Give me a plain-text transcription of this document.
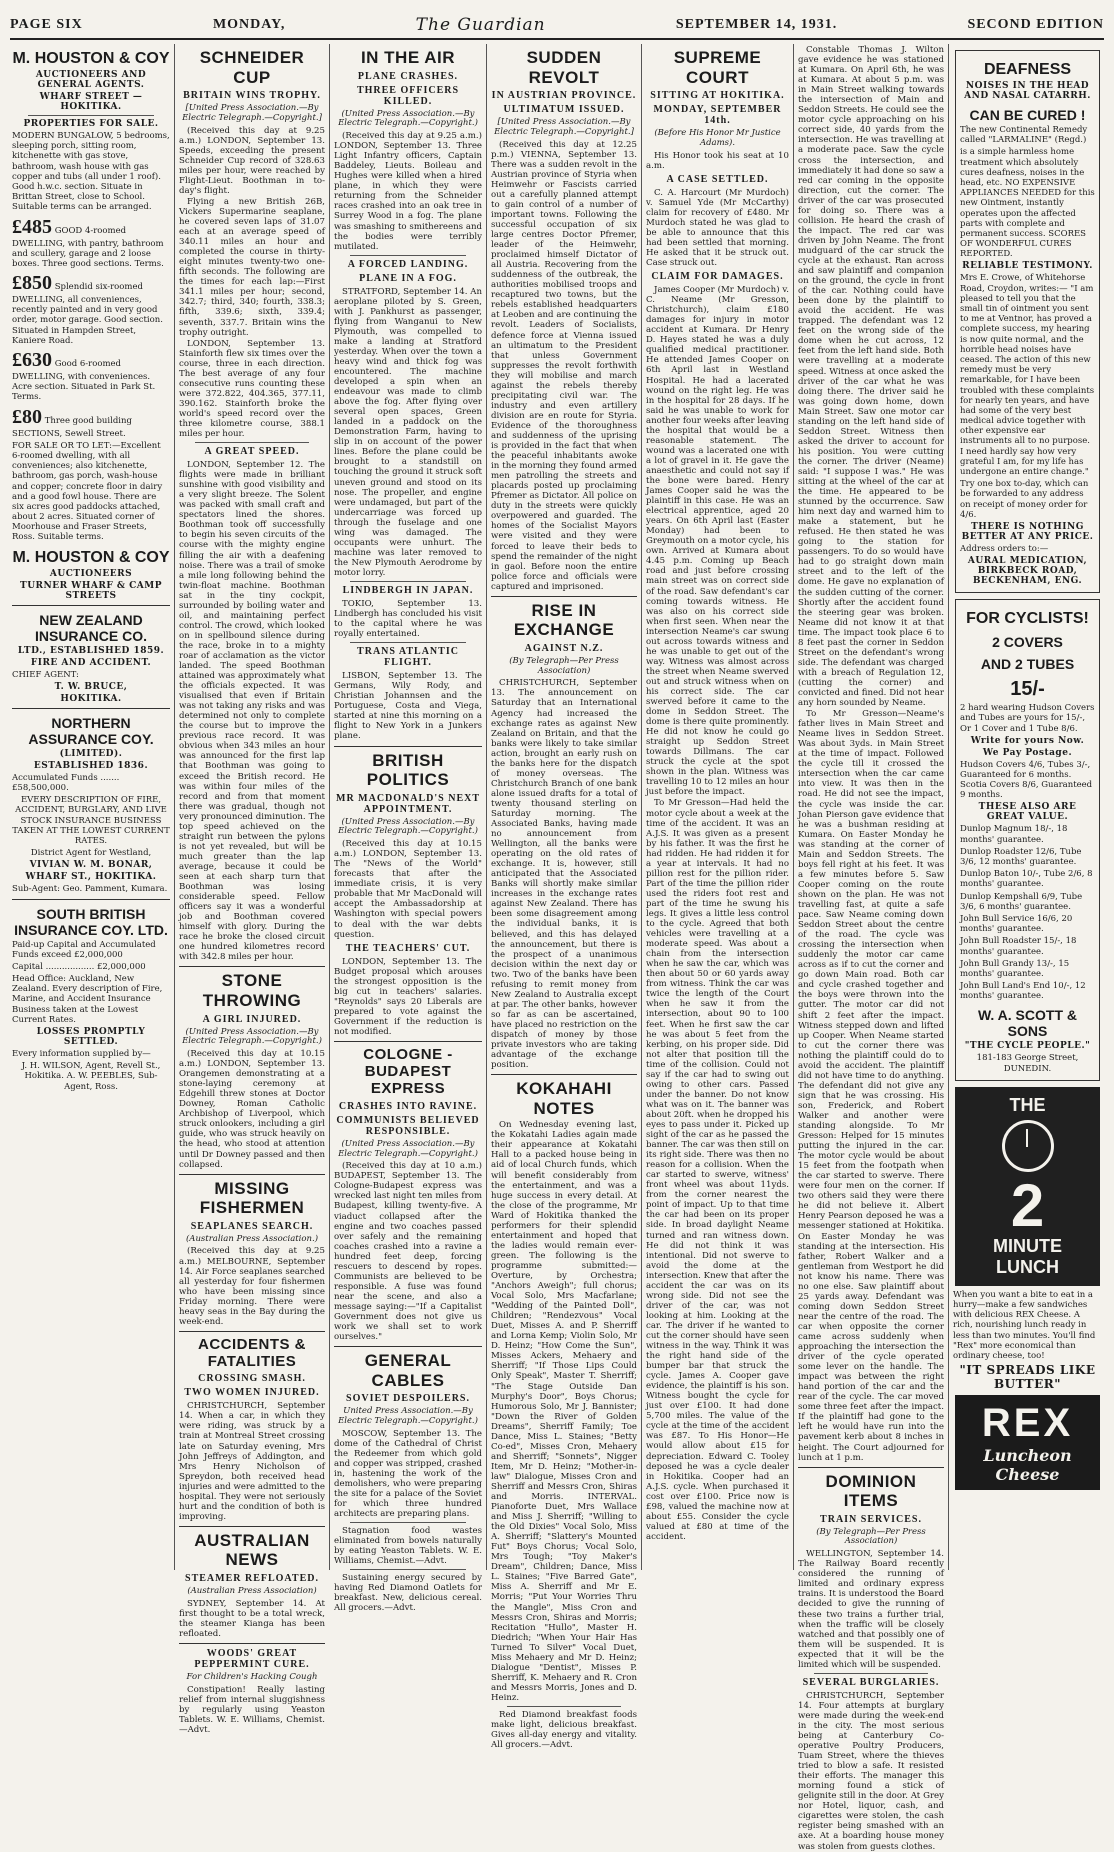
PAGE SIX	MONDAY,	The Guardian	SEPTEMBER 14, 1931.	SECOND EDITION
M. HOUSTON & COY
AUCTIONEERS AND GENERAL AGENTS.
WHARF STREET — HOKITIKA.
PROPERTIES FOR SALE.
MODERN BUNGALOW, 5 bedrooms, sleeping porch, sitting room, kitchenette with gas stove, bathroom, wash house with gas copper and tubs (all under 1 roof). Good h.w.c. section. Situate in Brittan Street, close to School. Suitable terms can be arranged.
£485 GOOD 4-roomed DWELLING, with pantry, bathroom and scullery, garage and 2 loose boxes. Three good sections. Terms.
£850 Splendid six-roomed DWELLING, all conveniences, recently painted and in very good order, motor garage. Good section. Situated in Hampden Street, Kaniere Road.
£630 Good 6-roomed DWELLING, with conveniences. Acre section. Situated in Park St. Terms.
£80 Three good building SECTIONS, Sewell Street.
FOR SALE OR TO LET:—Excellent 6-roomed dwelling, with all conveniences; also kitchenette, bathroom, gas porch, wash-house and copper; concrete floor in dairy and a good fowl house. There are six acres good paddocks attached, about 2 acres. Situated corner of Moorhouse and Fraser Streets, Ross. Suitable terms.
M. HOUSTON & COY
AUCTIONEERS
TURNER WHARF & CAMP STREETS
NEW ZEALAND INSURANCE CO.
LTD., ESTABLISHED 1859.
FIRE AND ACCIDENT.
CHIEF AGENT:
T. W. BRUCE,
HOKITIKA.
NORTHERN ASSURANCE COY.
(LIMITED).
ESTABLISHED 1836.
Accumulated Funds ....... £58,500,000.
EVERY DESCRIPTION OF FIRE, ACCIDENT, BURGLARY, AND LIVE STOCK INSURANCE BUSINESS TAKEN AT THE LOWEST CURRENT RATES.
District Agent for Westland,
VIVIAN W. M. BONAR,
WHARF ST., HOKITIKA.
Sub-Agent: Geo. Pamment, Kumara.
SOUTH BRITISH INSURANCE COY. LTD.
Paid-up Capital and Accumulated Funds exceed £2,000,000
Capital .................. £2,000,000
Head Office: Auckland, New Zealand. Every description of Fire, Marine, and Accident Insurance Business taken at the Lowest Current Rates.
LOSSES PROMPTLY SETTLED.
Every information supplied by—
J. H. WILSON, Agent, Revell St., Hokitika. A. W. PEEBLES, Sub-Agent, Ross.
SCHNEIDER CUP
BRITAIN WINS TROPHY.
[United Press Association.—By Electric Telegraph.—Copyright.]

(Received this day at 9.25 a.m.) LONDON, September 13. Speeds, exceeding the present Schneider Cup record of 328.63 miles per hour, were reached by Flight-Lieut. Boothman in to-day's flight.

Flying a new British 26B, Vickers Supermarine seaplane, he covered seven laps of 31.07 each at an average speed of 340.11 miles an hour and completed the course in thirty-eight minutes twenty-two one-fifth seconds. The following are the times for each lap:—First 341.1 miles per hour; second, 342.7; third, 340; fourth, 338.3; fifth, 339.6; sixth, 339.4; seventh, 337.7. Britain wins the trophy outright.

LONDON, September 13. Stainforth flew six times over the course, three in each direction. The best average of any four consecutive runs counting these were 372.822, 404.365, 377.11, 390.162. Stainforth broke the world's speed record over the three kilometre course, 388.1 miles per hour.

A GREAT SPEED.

LONDON, September 12. The flights were made in brilliant sunshine with good visibility and a very slight breeze. The Solent was packed with small craft and spectators lined the shores. Boothman took off successfully to begin his seven circuits of the course with the mighty engine filling the air with a deafening noise. There was a trail of smoke a mile long following behind the twin-float machine. Boothman sat in the tiny cockpit, surrounded by boiling water and oil, and maintaining perfect control. The crowd, which looked on in spellbound silence during the race, broke in to a mighty roar of acclamation as the victor landed. The speed Boothman attained was approximately what the officials expected. It was visualised that even if Britain was not taking any risks and was determined not only to complete the course but to improve the previous race record. It was obvious when 343 miles an hour was announced for the first lap that Boothman was going to exceed the British record. He was within four miles of the record and from that moment there was gradual, though not very pronounced diminution. The top speed achieved on the straight run between the pylons is not yet revealed, but will be much greater than the lap average, because it could be seen at each sharp turn that Boothman was losing considerable speed. Fellow officers say it was a wonderful job and Boothman covered himself with glory. During the race he broke the closed circuit one hundred kilometres record with 342.8 miles per hour.

STONE THROWING
A GIRL INJURED.
(United Press Association.—By Electric Telegraph.—Copyright.)

(Received this day at 10.15 a.m.) LONDON, September 13. Orangemen demonstrating at a stone-laying ceremony at Edgehill threw stones at Doctor Downey, Roman Catholic Archbishop of Liverpool, which struck onlookers, including a girl guide, who was struck heavily on the head, who stood at attention until Dr Downey passed and then collapsed.

MISSING FISHERMEN
SEAPLANES SEARCH.
(Australian Press Association.)

(Received this day at 9.25 a.m.) MELBOURNE, September 14. Air Force seaplanes searched all yesterday for four fishermen who have been missing since Friday morning. There were heavy seas in the Bay during the week-end.

ACCIDENTS & FATALITIES
CROSSING SMASH.
TWO WOMEN INJURED.

CHRISTCHURCH, September 14. When a car, in which they were riding, was struck by a train at Montreal Street crossing late on Saturday evening, Mrs John Jeffreys of Addington, and Mrs Henry Nicholson of Spreydon, both received head injuries and were admitted to the hospital. They were not seriously hurt and the condition of both is improving.

AUSTRALIAN NEWS
STEAMER REFLOATED.
(Australian Press Association)

SYDNEY, September 14. At first thought to be a total wreck, the steamer Kianga has been refloated.

WOODS' GREAT PEPPERMINT CURE.
For Children's Hacking Cough

Constipation! Really lasting relief from internal sluggishness by regularly using Yeaston Tablets. W. E. Williams, Chemist.—Advt.

IN THE AIR
PLANE CRASHES.
THREE OFFICERS KILLED.
(United Press Association.—By Electric Telegraph.—Copyright.)

(Received this day at 9.25 a.m.) LONDON, September 13. Three Light Infantry officers, Captain Baddeley, Lieuts. Boileau and Hughes were killed when a hired plane, in which they were returning from the Schneider races crashed into an oak tree in Surrey Wood in a fog. The plane was smashing to smithereens and the bodies were terribly mutilated.

A FORCED LANDING.
PLANE IN A FOG.

STRATFORD, September 14. An aeroplane piloted by S. Green, with J. Pankhurst as passenger, flying from Wanganui to New Plymouth, was compelled to make a landing at Stratford yesterday. When over the town a heavy wind and thick fog was encountered. The machine developed a spin when an endeavour was made to climb above the fog. After flying over several open spaces, Green landed in a paddock on the Demonstration Farm, having to slip in on account of the power lines. Before the plane could be brought to a standstill on touching the ground it struck soft uneven ground and stood on its nose. The propeller, and engine were undamaged, but part of the undercarriage was forced up through the fuselage and one wing was damaged. The occupants were unhurt. The machine was later removed to the New Plymouth Aerodrome by motor lorry.

LINDBERGH IN JAPAN.

TOKIO, September 13. Lindbergh has concluded his visit to the capital where he was royally entertained.

TRANS ATLANTIC FLIGHT.

LISBON, September 13. The Germans, Wily Rody, and Christian Johannsen and the Portuguese, Costa and Viega, started at nine this morning on a flight to New York in a Junkers plane.

BRITISH POLITICS
MR MACDONALD'S NEXT APPOINTMENT.
(United Press Association.—By Electric Telegraph.—Copyright.)

(Received this day at 10.15 a.m.) LONDON, September 13. The "News of the World" forecasts that after the immediate crisis, it is very probable that Mr MacDonald will accept the Ambassadorship at Washington with special powers to deal with the war debts question.

THE TEACHERS' CUT.

LONDON, September 13. The Budget proposal which arouses the strongest opposition is the big cut in teachers' salaries. "Reynolds" says 20 Liberals are prepared to vote against the Government if the reduction is not modified.

COLOGNE - BUDAPEST EXPRESS
CRASHES INTO RAVINE.
COMMUNISTS BELIEVED RESPONSIBLE.
(United Press Association.—By Electric Telegraph.—Copyright.)

(Received this day at 10 a.m.) BUDAPEST, September 13. The Cologne-Budapest express was wrecked last night ten miles from Budapest, killing twenty-five. A viaduct collapsed after the engine and two coaches passed over safely and the remaining coaches crashed into a ravine a hundred feet deep, forcing rescuers to descend by ropes. Communists are believed to be responsible. A fuse was found near the scene, and also a message saying:—"If a Capitalist Government does not give us work we shall set to work ourselves."

GENERAL CABLES
SOVIET DESPOILERS.
United Press Association.—By Electric Telegraph.—Copyright.)

MOSCOW, September 13. The dome of the Cathedral of Christ the Redeemer from which gold and copper was stripped, crashed in, hastening the work of the demolishers, who were preparing the site for a palace of the Soviet for which three hundred architects are preparing plans.

Stagnation food wastes eliminated from bowels naturally by eating Yeaston Tablets. W. E. Williams, Chemist.—Advt.

Sustaining energy secured by having Red Diamond Oatlets for breakfast. New, delicious cereal. All grocers.—Advt.

SUDDEN REVOLT
IN AUSTRIAN PROVINCE.
ULTIMATUM ISSUED.
[United Press Association.—By Electric Telegraph.—Copyright.]

(Received this day at 12.25 p.m.) VIENNA, September 13. There was a sudden revolt in the Austrian province of Styria when Heimwehr or Fascists carried out a carefully planned attempt to gain control of a number of important towns. Following the successful occupation of six large centres Doctor Pfremer, leader of the Heimwehr, proclaimed himself Dictator of all Austria. Recovering from the suddenness of the outbreak, the authorities mobilised troops and recaptured two towns, but the rebels established headquarters at Leoben and are continuing the revolt. Leaders of Socialists, defence force at Vienna issued an ultimatum to the President that unless Government suppresses the revolt forthwith they will mobilise and march against the rebels thereby precipitating civil war. The industry and even artillery division are en route for Styria. Evidence of the thoroughness and suddenness of the uprising is provided in the fact that when the peaceful inhabitants awoke in the morning they found armed men patrolling the streets and placards posted up proclaiming Pfremer as Dictator. All police on duty in the streets were quickly overpowered and guarded. The homes of the Socialist Mayors were visited and they were forced to leave their beds to spend the remainder of the night in gaol. Before noon the entire police force and officials were captured and imprisoned.

RISE IN EXCHANGE
AGAINST N.Z.
(By Telegraph—Per Press Association)

CHRISTCHURCH, September 13. The announcement on Saturday that an International Agency had increased the exchange rates as against New Zealand on Britain, and that the banks were likely to take similar action, brought an early rush on the banks here for the dispatch of money overseas. The Christchurch Branch of one bank alone issued drafts for a total of twenty thousand sterling on Saturday morning. The Associated Banks, having made no announcement from Wellington, all the banks were operating on the old rates of exchange. It is, however, still anticipated that the Associated Banks will shortly make similar increases in the exchange rates against New Zealand. There has been some disagreement among the individual banks, it is believed, and this has delayed the announcement, but there is the prospect of a unanimous decision within the next day or two. Two of the banks have been refusing to remit money from New Zealand to Australia except at par. The other banks, however so far as can be ascertained, have placed no restriction on the dispatch of money by those private investors who are taking advantage of the exchange position.

KOKAHAHI NOTES

On Wednesday evening last, the Kokatahi Ladies again made their appearance at Kokatahi Hall to a packed house being in aid of local Church funds, which will benefit considerably from the entertainment, and was a huge success in every detail. At the close of the programme, Mr Ward of Hokitika thanked the performers for their splendid entertainment and hoped that the ladies would remain ever-green. The following is the programme submitted:— Overture, by Orchestra; "Anchors Aweigh"; full chorus; Vocal Solo, Mrs Macfarlane; "Wedding of the Painted Doll", Children; "Rendezvous" Vocal Duet, Misses A. and P. Sherriff and Lorna Kemp; Violin Solo, Mr D. Heinz; "How Come the Sun", Misses Ackers, Mehaery and Sherriff; "If Those Lips Could Only Speak", Master T. Sherriff; "The Stage Outside Dan Murphy's Door", Boys Chorus; Humorous Solo, Mr J. Bannister; "Down the River of Golden Dreams", Sherriff Family; Toe Dance, Miss L. Staines; "Betty Co-ed", Misses Cron, Mehaery and Sherriff; "Sonnets", Nigger Item, Mr D. Heinz; "Mother-in-law" Dialogue, Misses Cron and Sherriff and Messrs Cron, Shiras and Morris. INTERVAL. Pianoforte Duet, Mrs Wallace and Miss J. Sherriff; "Willing to the Old Dixies" Vocal Solo, Miss A. Sherriff; "Slattery's Mounted Fut" Boys Chorus; Vocal Solo, Mrs Tough; "Toy Maker's Dream", Children; Dance, Miss L. Staines; "Five Barred Gate", Miss A. Sherriff and Mr E. Morris; "Put Your Worries Thru the Mangle", Miss Cron and Messrs Cron, Shiras and Morris; Recitation "Hullo", Master H. Diedrich; "When Your Hair Has Turned To Silver" Vocal Duet, Miss Mehaery and Mr D. Heinz; Dialogue "Dentist", Misses P. Sherriff, K. Mehaery and R. Cron and Messrs Morris, Jones and D. Heinz.

Red Diamond breakfast foods make light, delicious breakfast. Gives all-day energy and vitality. All grocers.—Advt.

SUPREME COURT
SITTING AT HOKITIKA.
MONDAY, SEPTEMBER 14th.
(Before His Honor Mr Justice Adams).

His Honor took his seat at 10 a.m.

A CASE SETTLED.

C. A. Harcourt (Mr Murdoch) v. Samuel Yde (Mr McCarthy) claim for recovery of £480. Mr Murdoch stated he was glad to be able to announce that this had been settled that morning. He asked that it be struck out. Case struck out.

CLAIM FOR DAMAGES.

James Cooper (Mr Murdoch) v. C. Neame (Mr Gresson, Christchurch), claim £180 damages for injury in motor accident at Kumara. Dr Henry D. Hayes stated he was a duly qualified medical practitioner. He attended James Cooper on 6th April last in Westland Hospital. He had a lacerated wound on the right leg. He was in the hospital for 28 days. If he said he was unable to work for another four weeks after leaving the hospital that would be a reasonable statement. The wound was a lacerated one with a lot of gravel in it. He gave the anaesthetic and could not say if the bone were bared. Henry James Cooper said he was the plaintiff in this case. He was an electrical apprentice, aged 20 years. On 6th April last (Easter Monday) had been to Greymouth on a motor cycle, his own. Arrived at Kumara about 4.45 p.m. Coming up Beach road and just before crossing main street was on correct side of the road. Saw defendant's car coming towards witness. He was also on his correct side when first seen. When near the intersection Neame's car swung out across towards witness and he was unable to get out of the way. Witness was almost across the street when Neame swerved out and struck witness when on his correct side. The car swerved before it came to the dome in Seddon Street. The dome is there quite prominently. He did not know he could go straight up Seddon Street towards Dillmans. The car struck the cycle at the spot shown in the plan. Witness was travelling 10 to 12 miles an hour just before the impact.

To Mr Gresson—Had held the motor cycle about a week at the time of the accident. It was an A.J.S. It was given as a present by his father. It was the first he had ridden. He had ridden it for a year at intervals. It had no pillion rest for the pillion rider. Part of the time the pillion rider used the riders foot rest and part of the time he swung his legs. It gives a little less control to the cycle. Agreed that both vehicles were travelling at a moderate speed. Was about a chain from the intersection when he saw the car, which was then about 50 or 60 yards away from witness. Think the car was twice the length of the Court when he saw it from the intersection, about 90 to 100 feet. When he first saw the car he was about 5 feet from the kerbing, on his proper side. Did not alter that position till the time of the collision. Could not say if the car had to swing out owing to other cars. Passed under the banner. Do not know what was on it. The banner was about 20ft. when he dropped his eyes to pass under it. Picked up sight of the car as he passed the banner. The car was then still on its right side. There was then no reason for a collision. When the car started to swerve, witness' front wheel was about 11yds. from the corner nearest the point of impact. Up to that time the car had been on its proper side. In broad daylight Neame turned and ran witness down. He did not think it was intentional. Did not swerve to avoid the dome at the intersection. Knew that after the accident the car was on its wrong side. Did not see the driver of the car, was not looking at him. Looking at the car. The driver if he wanted to cut the corner should have seen witness in the way. Think it was the right hand side of the bumper bar that struck the cycle. James A. Cooper gave evidence, the plaintiff is his son. Witness bought the cycle for just over £100. It had done 5,700 miles. The value of the cycle at the time of the accident was £87. To His Honor—He would allow about £15 for depreciation. Edward C. Tooley deposed he was a cycle dealer in Hokitika. Cooper had an A.J.S. cycle. When purchased it cost over £100. Price now is £98, valued the machine now at about £55. Consider the cycle valued at £80 at time of the accident.

Constable Thomas J. Wilton gave evidence he was stationed at Kumara. On April 6th, he was at Kumara. At about 5 p.m. was in Main Street walking towards the intersection of Main and Seddon Streets. He could see the motor cycle approaching on his correct side, 40 yards from the intersection. He was travelling at a moderate pace. Saw the cycle cross the intersection, and immediately it had done so saw a red car coming in the opposite direction, cut the corner. The driver of the car was prosecuted for doing so. There was a collision. He heard the crash of the impact. The red car was driven by John Neame. The front mudguard of the car struck the cycle at the exhaust. Ran across and saw plaintiff and companion on the ground, the cycle in front of the car. Nothing could have been done by the plaintiff to avoid the accident. He was trapped. The defendant was 12 feet on the wrong side of the dome when he cut across, 12 feet from the left hand side. Both were travelling at a moderate speed. Witness at once asked the driver of the car what he was doing there. The driver said he was going down home, down Main Street. Saw one motor car standing on the left hand side of Seddon Street. Witness then asked the driver to account for his position. You were cutting the corner. The driver (Neame) said: "I suppose I was." He was sitting at the wheel of the car at the time. He appeared to be stunned by the occurrence. Saw him next day and warned him to make a statement, but he refused. He then stated he was going to the station for passengers. To do so would have had to go straight down main street and to the left of the dome. He gave no explanation of the sudden cutting of the corner. Shortly after the accident found the steering gear was broken. Neame did not know it at that time. The impact took place 6 to 8 feet past the corner in Seddon Street on the defendant's wrong side. The defendant was charged with a breach of Regulation 12, (cutting the corner) and convicted and fined. Did not hear any horn sounded by Neame.

To Mr Gresson—Neame's father lives in Main Street and Neame lives in Seddon Street. Was about 3yds. in Main Street at the time of impact. Followed the cycle till it crossed the intersection when the car came into view. It was then in the road. He did not see the impact, the cycle was inside the car. Johan Pierson gave evidence that he was a bushman residing at Kumara. On Easter Monday he was standing at the corner of Main and Seddon Streets. The boys fell right at his feet. It was a few minutes before 5. Saw Cooper coming on the route shown on the plan. He was not travelling fast, at quite a safe pace. Saw Neame coming down Seddon Street about the centre of the road. The cycle was crossing the intersection when suddenly the motor car came across as if to cut the corner and go down Main road. Both car and cycle crashed together and the boys were thrown into the gutter. The motor car did not shift 2 feet after the impact. Witness stepped down and lifted up Cooper. When Neame started to cut the corner there was nothing the plaintiff could do to avoid the accident. The plaintiff did not have time to do anything. The defendant did not give any sign that he was crossing. His son, Frederick, and Robert Walker and another were standing alongside. To Mr Gresson: Helped for 15 minutes putting the injured in the car. The motor cycle would be about 15 feet from the footpath when the car started to swerve. There were four men on the corner. If two others said they were there he did not believe it. Albert Henry Pearson deposed he was a messenger stationed at Hokitika. On Easter Monday he was standing at the intersection. His father, Robert Walker and a gentleman from Westport he did not know his name. There was no one else. Saw plaintiff about 25 yards away. Defendant was coming down Seddon Street near the centre of the road. The car when opposite the corner came across suddenly when approaching the intersection the driver of the cycle operated some lever on the handle. The impact was between the right hand portion of the car and the rear of the cycle. The car moved some three feet after the impact. If the plaintiff had gone to the left he would have run into the pavement kerb about 8 inches in height. The Court adjourned for lunch at 1 p.m.

DOMINION ITEMS
TRAIN SERVICES.
(By Telegraph—Per Press Association)

WELLINGTON, September 14. The Railway Board recently considered the running of limited and ordinary express trains. It is understood the Board decided to give the running of these two trains a further trial, when the traffic will be closely watched and that possibly one of them will be suspended. It is expected that it will be the limited which will be suspended.

SEVERAL BURGLARIES.

CHRISTCHURCH, September 14. Four attempts at burglary were made during the week-end in the city. The most serious being at Canterbury Co-operative Poultry Producers, Tuam Street, where the thieves tried to blow a safe. It resisted their efforts. The manager this morning found a stick of gelignite still in the door. At Grey nor Hotel, liquor, cash, and cigarettes were stolen, the cash register being smashed with an axe. At a boarding house money was stolen from guests clothes.

DEAFNESS
NOISES IN THE HEAD AND NASAL CATARRH.
CAN BE CURED !
The new Continental Remedy called "LARMALINE" (Regd.)
is a simple harmless home treatment which absolutely cures deafness, noises in the head, etc. NO EXPENSIVE APPLIANCES NEEDED for this new Ointment, instantly operates upon the affected parts with complete and permanent success. SCORES OF WONDERFUL CURES REPORTED.
RELIABLE TESTIMONY.
Mrs E. Crowe, of Whitehorse Road, Croydon, writes:— "I am pleased to tell you that the small tin of ointment you sent to me at Ventnor, has proved a complete success, my hearing is now quite normal, and the horrible head noises have ceased. The action of this new remedy must be very remarkable, for I have been troubled with these complaints for nearly ten years, and have had some of the very best medical advice together with other expensive ear instruments all to no purpose. I need hardly say how very grateful I am, for my life has undergone an entire change."
Try one box to-day, which can be forwarded to any address on receipt of money order for 4/6.
THERE IS NOTHING BETTER AT ANY PRICE.
Address orders to:—
AURAL MEDICATION, BIRKBECK ROAD, BECKENHAM, ENG.
FOR CYCLISTS!
2 COVERS
AND 2 TUBES
15/-
2 hard wearing Hudson Covers and Tubes are yours for 15/-, Or 1 Cover and 1 Tube 8/6.
Write for yours Now.
We Pay Postage.
Hudson Covers 4/6, Tubes 3/-, Guaranteed for 6 months. Scotia Covers 8/6, Guaranteed 9 months.
THESE ALSO ARE GREAT VALUE.
Dunlop Magnum 18/-, 18 months' guarantee.
Dunlop Roadster 12/6, Tube 3/6, 12 months' guarantee.
Dunlop Baton 10/-, Tube 2/6, 8 months' guarantee.
Dunlop Kempshall 6/9, Tube 3/6, 6 months' guarantee.
John Bull Service 16/6, 20 months' guarantee.
John Bull Roadster 15/-, 18 months' guarantee.
John Bull Grandy 13/-, 15 months' guarantee.
John Bull Land's End 10/-, 12 months' guarantee.
W. A. SCOTT & SONS
"THE CYCLE PEOPLE."
181-183 George Street, DUNEDIN.
THE
2
MINUTE
LUNCH
When you want a bite to eat in a hurry—make a few sandwiches with delicious REX Cheese. A rich, nourishing lunch ready in less than two minutes. You'll find "Rex" more economical than ordinary cheese, too!
"IT SPREADS LIKE BUTTER"
REX
Luncheon Cheese
